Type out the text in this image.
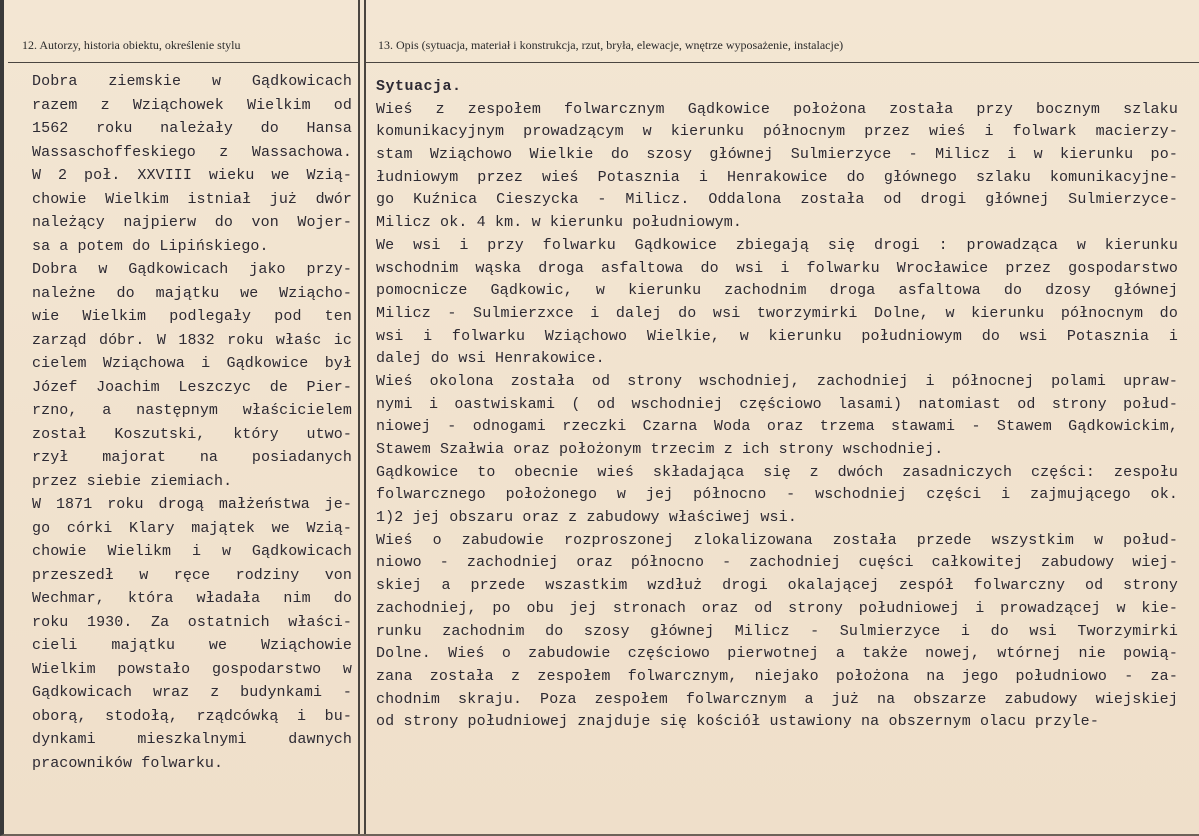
12. Autorzy, historia obiektu, określenie stylu
Dobra ziemskie w Gądkowicach
razem z Wziąchowek Wielkim od
1562 roku należały do Hansa
Wassaschoffeskiego z Wassachowa.
W 2 poł. XXVIII wieku we Wzią-
chowie Wielkim istniał już dwór
należący najpierw do von Wojer-
sa a potem do Lipińskiego.
Dobra w Gądkowicach jako przy-
należne do majątku we Wziącho-
wie Wielkim podlegały pod ten
zarząd dóbr. W 1832 roku właśc ic
cielem Wziąchowa i Gądkowice był
Józef Joachim Leszczyc de Pier-
rzno, a następnym właścicielem
został Koszutski, który utwo-
rzył majorat na posiadanych
przez siebie ziemiach.
W 1871 roku drogą małżeństwa je-
go córki Klary majątek we Wzią-
chowie Wielikm i w Gądkowicach
przeszedł w ręce rodziny von
Wechmar, która władała nim do
roku 1930. Za ostatnich właści-
cieli majątku we Wziąchowie
Wielkim powstało gospodarstwo w
Gądkowicach wraz z budynkami -
oborą, stodołą, rządcówką i bu-
dynkami mieszkalnymi dawnych
pracowników folwarku.
13. Opis (sytuacja, materiał i konstrukcja, rzut, bryła, elewacje, wnętrze wyposażenie, instalacje)
Sytuacja.
Wieś z zespołem folwarcznym Gądkowice położona została przy bocznym szlaku
komunikacyjnym prowadzącym w kierunku północnym przez wieś i folwark macierzy-
stam Wziąchowo Wielkie do szosy głównej Sulmierzyce - Milicz i w kierunku po-
łudniowym przez wieś Potasznia i Henrakowice do głównego szlaku komunikacyjne-
go Kuźnica Cieszycka - Milicz. Oddalona została od drogi głównej Sulmierzyce-
Milicz ok. 4 km. w kierunku południowym.
We wsi i przy folwarku Gądkowice zbiegają się drogi : prowadząca w kierunku
wschodnim wąska droga asfaltowa do wsi i folwarku Wrocławice przez gospodarstwo
pomocnicze Gądkowic, w kierunku zachodnim droga asfaltowa do dzosy głównej
Milicz - Sulmierzxce i dalej do wsi tworzymirki Dolne, w kierunku północnym do
wsi i folwarku Wziąchowo Wielkie, w kierunku południowym do wsi Potasznia i
dalej do wsi Henrakowice.
Wieś okolona została od strony wschodniej, zachodniej i północnej polami upraw-
nymi i oastwiskami ( od wschodniej częściowo lasami) natomiast od strony połud-
niowej - odnogami rzeczki Czarna Woda oraz trzema stawami - Stawem Gądkowickim,
Stawem Szałwia oraz położonym trzecim z ich strony wschodniej.
Gądkowice to obecnie wieś składająca się z dwóch zasadniczych części: zespołu
folwarcznego położonego w jej północno - wschodniej części i zajmującego ok.
1)2 jej obszaru oraz z zabudowy właściwej wsi.
Wieś o zabudowie rozproszonej zlokalizowana została przede wszystkim w połud-
niowo - zachodniej oraz północno - zachodniej cuęści całkowitej zabudowy wiej-
skiej a przede wszastkim wzdłuż drogi okalającej zespół folwarczny od strony
zachodniej, po obu jej stronach oraz od strony południowej i prowadzącej w kie-
runku zachodnim do szosy głównej Milicz - Sulmierzyce i do wsi Tworzymirki
Dolne. Wieś o zabudowie częściowo pierwotnej a także nowej, wtórnej nie powią-
zana została z zespołem folwarcznym, niejako położona na jego południowo - za-
chodnim skraju. Poza zespołem folwarcznym a już na obszarze zabudowy wiejskiej
od strony południowej znajduje się kościół ustawiony na obszernym olacu przyle-
